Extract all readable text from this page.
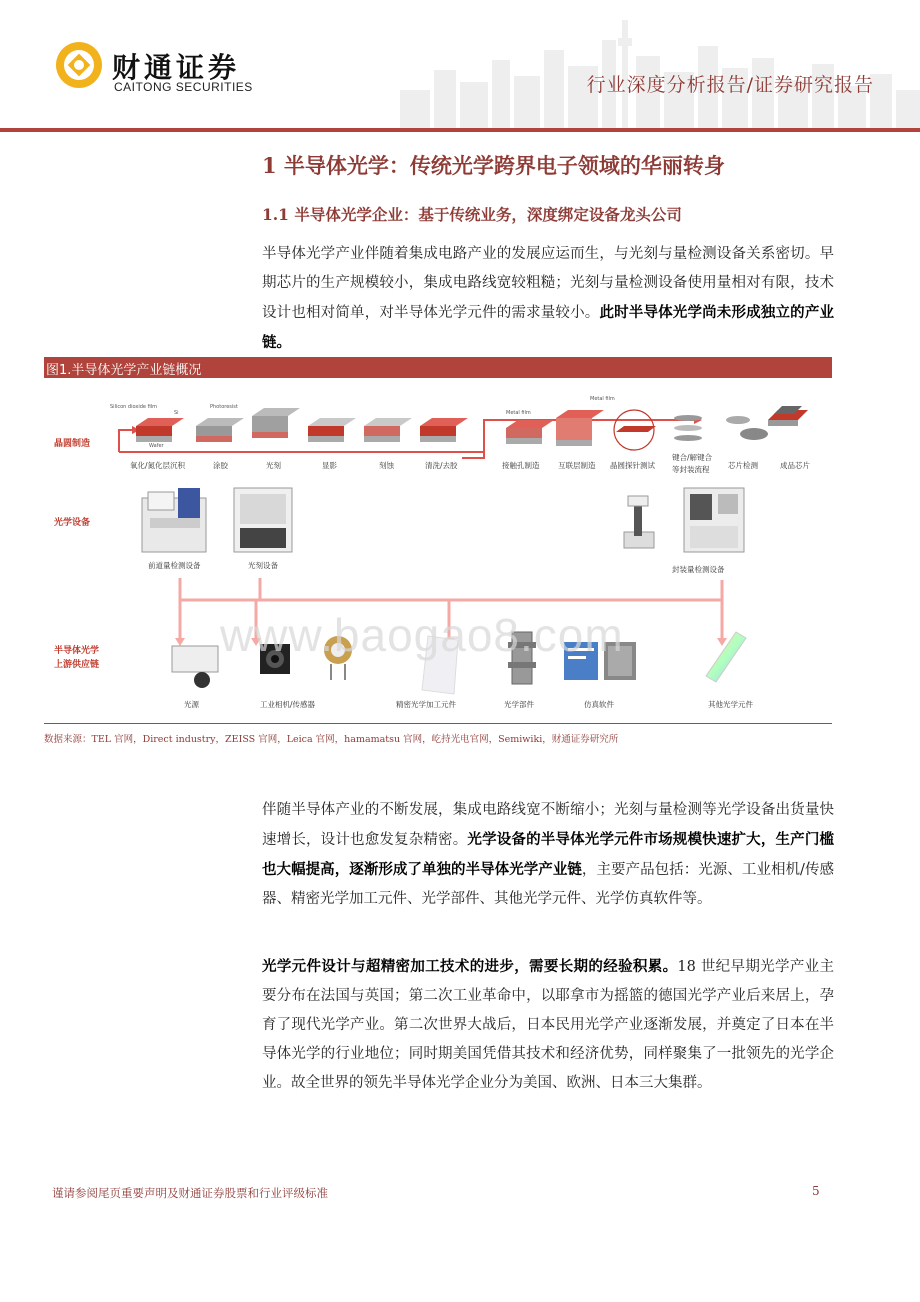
财通证券
CAITONG SECURITIES	行业深度分析报告/证券研究报告
1 半导体光学：传统光学跨界电子领域的华丽转身
1.1 半导体光学企业：基于传统业务，深度绑定设备龙头公司
半导体光学产业伴随着集成电路产业的发展应运而生，与光刻与量检测设备关系密切。早期芯片的生产规模较小，集成电路线宽较粗糙；光刻与量检测设备使用量相对有限，技术设计也相对简单，对半导体光学元件的需求量较小。此时半导体光学尚未形成独立的产业链。
图1.半导体光学产业链概况
晶圆制造
光学设备
半导体光学
上游供应链
Silicon dioxide film
Si
Wafer
Photoresist
Metal film
Metal film
氧化/氮化层沉积	涂胶	光刻	显影	刻蚀	清洗/去胶	接触孔制造 互联层制造 晶圆探针测试
键合/解键合
等封装流程 芯片检测	成品芯片
前道量检测设备	光刻设备	封装量检测设备
光源	工业相机/传感器	精密光学加工元件	光学部件	仿真软件	其他光学元件
www.baogao8.com
数据来源：TEL 官网，Direct industry，ZEISS 官网，Leica 官网，hamamatsu 官网，屹持光电官网，Semiwiki，财通证券研究所
伴随半导体产业的不断发展，集成电路线宽不断缩小；光刻与量检测等光学设备出货量快速增长，设计也愈发复杂精密。光学设备的半导体光学元件市场规模快速扩大，生产门槛也大幅提高，逐渐形成了单独的半导体光学产业链，主要产品包括：光源、工业相机/传感器、精密光学加工元件、光学部件、其他光学元件、光学仿真软件等。
光学元件设计与超精密加工技术的进步，需要长期的经验积累。18 世纪早期光学产业主要分布在法国与英国；第二次工业革命中，以耶拿市为摇篮的德国光学产业后来居上，孕育了现代光学产业。第二次世界大战后，日本民用光学产业逐渐发展，并奠定了日本在半导体光学的行业地位；同时期美国凭借其技术和经济优势，同样聚集了一批领先的光学企业。故全世界的领先半导体光学企业分为美国、欧洲、日本三大集群。
谨请参阅尾页重要声明及财通证券股票和行业评级标准	5
